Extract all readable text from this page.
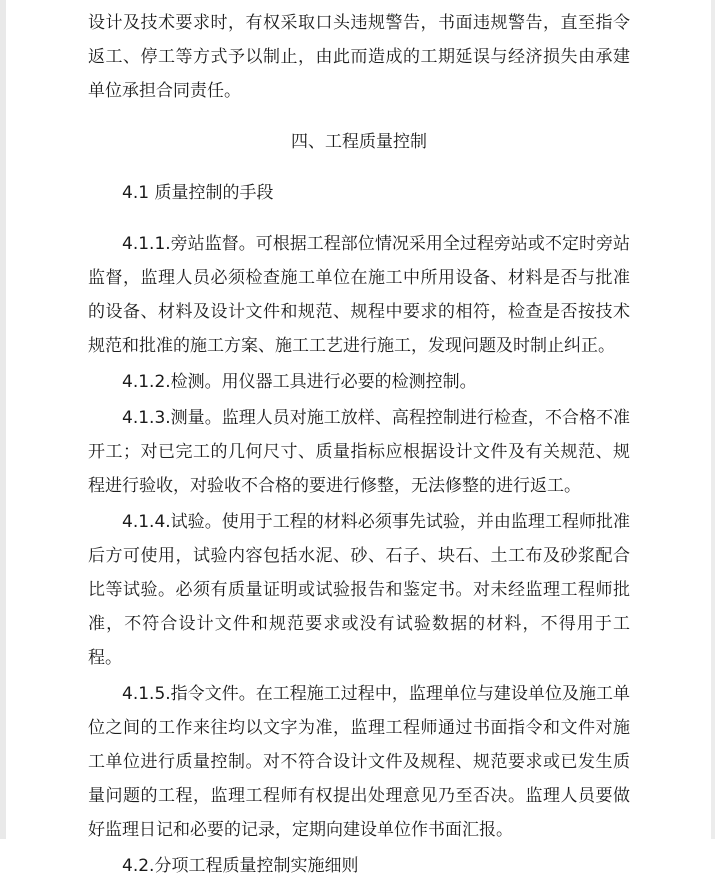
设计及技术要求时，有权采取口头违规警告，书面违规警告，直至指令返工、停工等方式予以制止，由此而造成的工期延误与经济损失由承建单位承担合同责任。

四、工程质量控制

4.1 质量控制的手段

4.1.1.旁站监督。可根据工程部位情况采用全过程旁站或不定时旁站监督，监理人员必须检查施工单位在施工中所用设备、材料是否与批准的设备、材料及设计文件和规范、规程中要求的相符，检查是否按技术规范和批准的施工方案、施工工艺进行施工，发现问题及时制止纠正。

4.1.2.检测。用仪器工具进行必要的检测控制。

4.1.3.测量。监理人员对施工放样、高程控制进行检查，不合格不准开工；对已完工的几何尺寸、质量指标应根据设计文件及有关规范、规程进行验收，对验收不合格的要进行修整，无法修整的进行返工。

4.1.4.试验。使用于工程的材料必须事先试验，并由监理工程师批准后方可使用，试验内容包括水泥、砂、石子、块石、土工布及砂浆配合比等试验。必须有质量证明或试验报告和鉴定书。对未经监理工程师批准，不符合设计文件和规范要求或没有试验数据的材料，不得用于工程。

4.1.5.指令文件。在工程施工过程中，监理单位与建设单位及施工单位之间的工作来往均以文字为准，监理工程师通过书面指令和文件对施工单位进行质量控制。对不符合设计文件及规程、规范要求或已发生质量问题的工程，监理工程师有权提出处理意见乃至否决。监理人员要做好监理日记和必要的记录，定期向建设单位作书面汇报。

4.2.分项工程质量控制实施细则
